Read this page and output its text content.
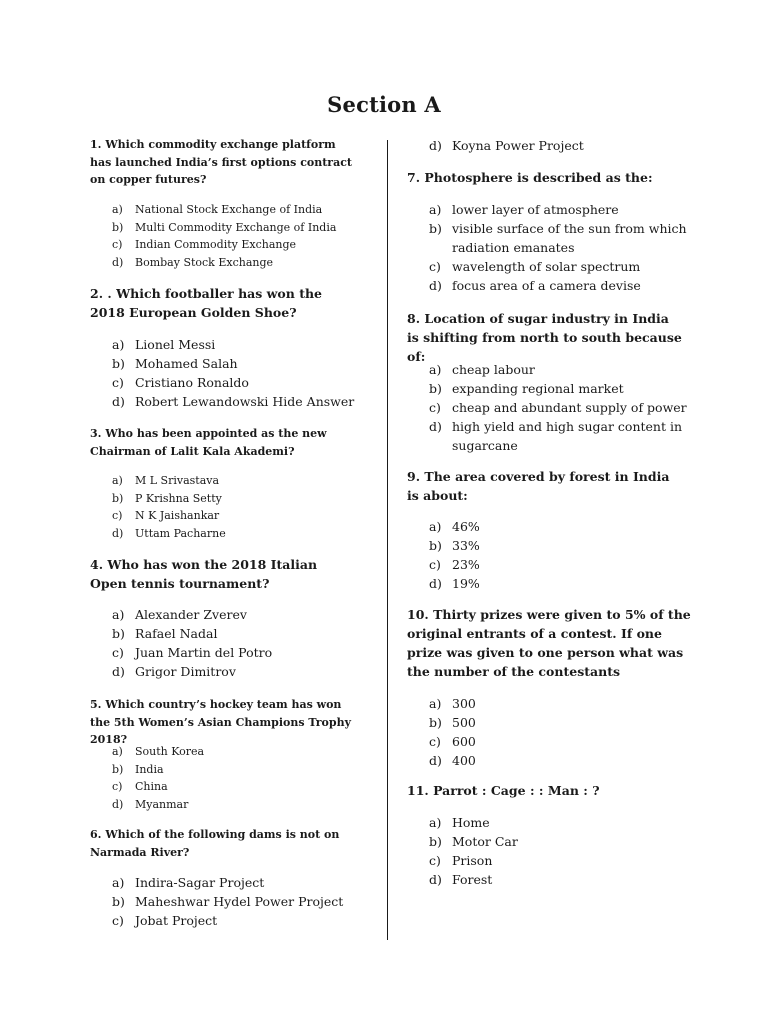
Section A
1. Which commodity exchange platform has launched India’s first options contract on copper futures?
a) National Stock Exchange of India
b) Multi Commodity Exchange of India
c) Indian Commodity Exchange
d) Bombay Stock Exchange
2. . Which footballer has won the 2018 European Golden Shoe?
a) Lionel Messi
b) Mohamed Salah
c) Cristiano Ronaldo
d) Robert Lewandowski Hide Answer
3. Who has been appointed as the new Chairman of Lalit Kala Akademi?
a) M L Srivastava
b) P Krishna Setty
c) N K Jaishankar
d) Uttam Pacharne
4. Who has won the 2018 Italian Open tennis tournament?
a) Alexander Zverev
b) Rafael Nadal
c) Juan Martin del Potro
d) Grigor Dimitrov
5. Which country’s hockey team has won the 5th Women’s Asian Champions Trophy 2018?
a) South Korea
b) India
c) China
d) Myanmar
6. Which of the following dams is not on Narmada River?
a) Indira-Sagar Project
b) Maheshwar Hydel Power Project
c) Jobat Project
d) Koyna Power Project
7. Photosphere is described as the:
a) lower layer of atmosphere
b) visible surface of the sun from which radiation emanates
c) wavelength of solar spectrum
d) focus area of a camera devise
8. Location of sugar industry in India is shifting from north to south because of:
a) cheap labour
b) expanding regional market
c) cheap and abundant supply of power
d) high yield and high sugar content in sugarcane
9. The area covered by forest in India is about:
a) 46%
b) 33%
c) 23%
d) 19%
10. Thirty prizes were given to 5% of the original entrants of a contest. If one prize was given to one person what was the number of the contestants
a) 300
b) 500
c) 600
d) 400
11. Parrot : Cage : : Man : ?
a) Home
b) Motor Car
c) Prison
d) Forest
